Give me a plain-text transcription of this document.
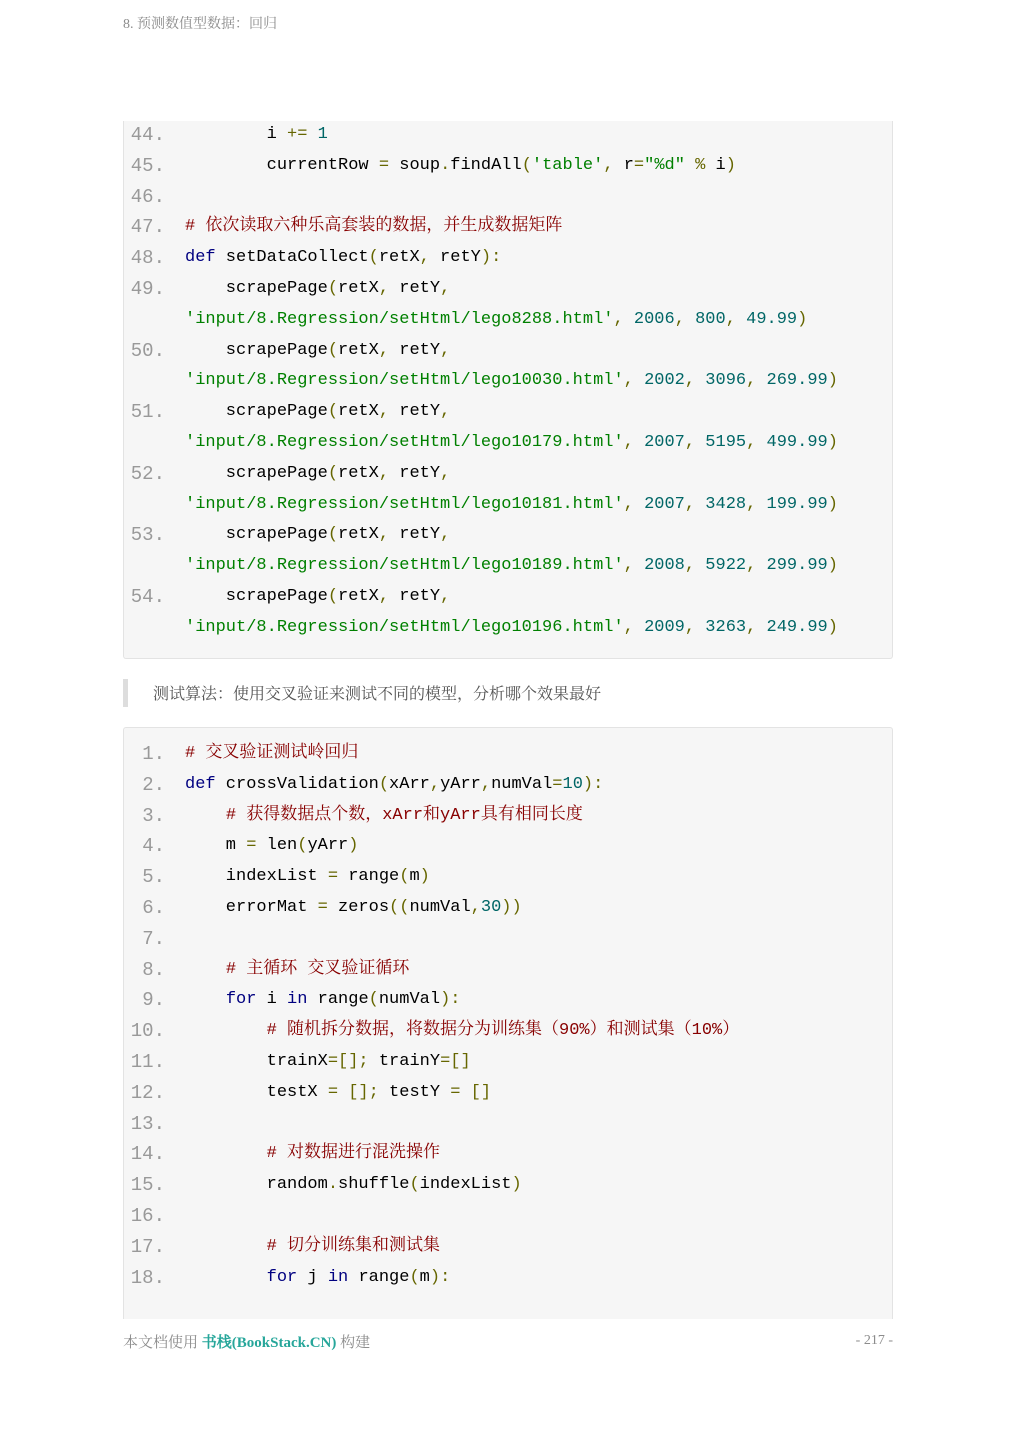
8. 预测数值型数据：回归
44. i += 1
45. currentRow = soup.findAll('table', r="%d" % i)
46.
47. # 依次读取六种乐高套装的数据，并生成数据矩阵
48. def setDataCollect(retX, retY):
49. scrapePage(retX, retY,
'input/8.Regression/setHtml/lego8288.html', 2006, 800, 49.99)
50. scrapePage(retX, retY,
'input/8.Regression/setHtml/lego10030.html', 2002, 3096, 269.99)
51. scrapePage(retX, retY,
'input/8.Regression/setHtml/lego10179.html', 2007, 5195, 499.99)
52. scrapePage(retX, retY,
'input/8.Regression/setHtml/lego10181.html', 2007, 3428, 199.99)
53. scrapePage(retX, retY,
'input/8.Regression/setHtml/lego10189.html', 2008, 5922, 299.99)
54. scrapePage(retX, retY,
'input/8.Regression/setHtml/lego10196.html', 2009, 3263, 249.99)
测试算法：使用交叉验证来测试不同的模型，分析哪个效果最好
1. # 交叉验证测试岭回归
2. def crossValidation(xArr,yArr,numVal=10):
3.	# 获得数据点个数，xArr和yArr具有相同长度
4. m = len(yArr)
5. indexList = range(m)
6. errorMat = zeros((numVal,30))
7.
8.	# 主循环 交叉验证循环
9.	for i in range(numVal):
10.	# 随机拆分数据，将数据分为训练集（90%）和测试集（10%）
11. trainX=[]; trainY=[]
12. testX = []; testY = []
13.
14.	# 对数据进行混洗操作
15. random.shuffle(indexList)
16.
17.	# 切分训练集和测试集
18.	for j in range(m):
本文档使用 书栈(BookStack.CN) 构建	- 217 -
